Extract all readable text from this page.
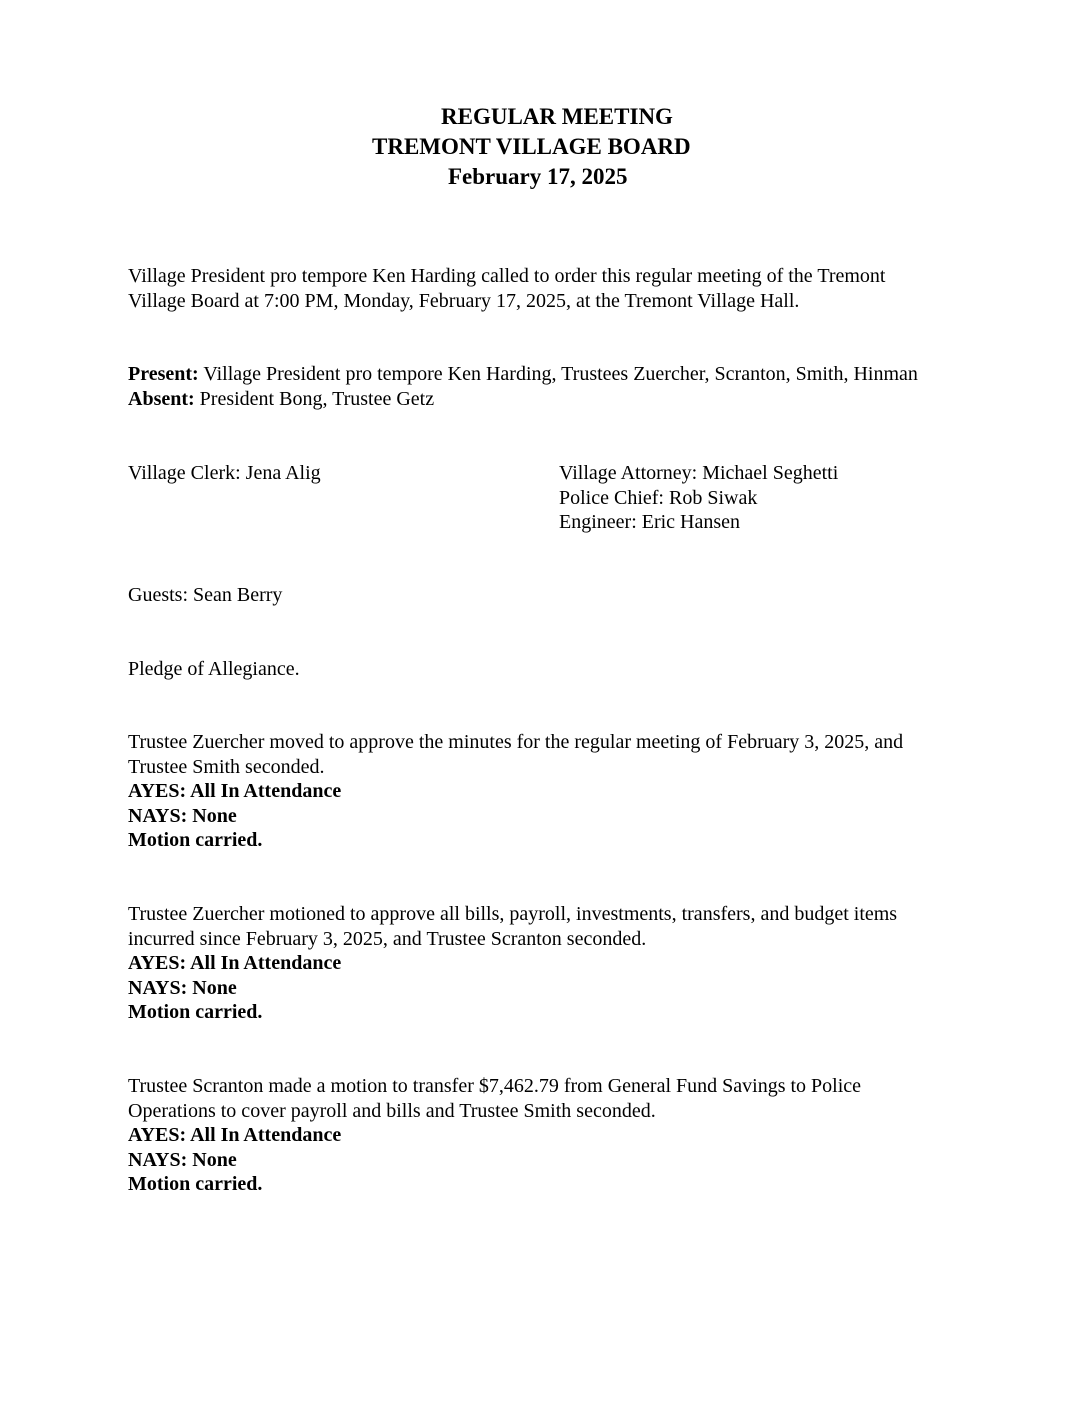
REGULAR MEETING
TREMONT VILLAGE BOARD
February 17, 2025
Village President pro tempore Ken Harding called to order this regular meeting of the Tremont
Village Board at 7:00 PM, Monday, February 17, 2025, at the Tremont Village Hall.
Present: Village President pro tempore Ken Harding, Trustees Zuercher, Scranton, Smith, Hinman
Absent: President Bong, Trustee Getz
Village Clerk: Jena Alig	Village Attorney: Michael Seghetti
Police Chief: Rob Siwak
Engineer: Eric Hansen
Guests: Sean Berry
Pledge of Allegiance.
Trustee Zuercher moved to approve the minutes for the regular meeting of February 3, 2025, and
Trustee Smith seconded.
AYES: All In Attendance
NAYS: None
Motion carried.
Trustee Zuercher motioned to approve all bills, payroll, investments, transfers, and budget items
incurred since February 3, 2025, and Trustee Scranton seconded.
AYES: All In Attendance
NAYS: None
Motion carried.
Trustee Scranton made a motion to transfer $7,462.79 from General Fund Savings to Police
Operations to cover payroll and bills and Trustee Smith seconded.
AYES: All In Attendance
NAYS: None
Motion carried.
